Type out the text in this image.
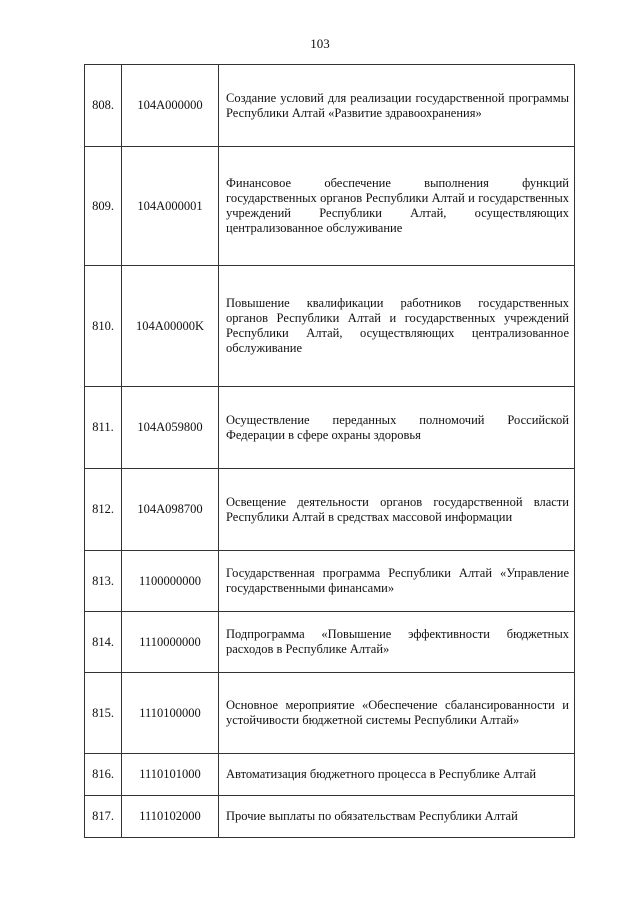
103
808.	104A000000	Создание условий для реализации государственной программы Республики Алтай «Развитие здравоохранения»
809.	104A000001	Финансовое обеспечение выполнения функций государственных органов Республики Алтай и государственных учреждений Республики Алтай, осуществляющих централизованное обслуживание
810.	104A00000K	Повышение квалификации работников государственных органов Республики Алтай и государственных учреждений Республики Алтай, осуществляющих централизованное обслуживание
811.	104A059800	Осуществление переданных полномочий Российской Федерации в сфере охраны здоровья
812.	104A098700	Освещение деятельности органов государственной власти Республики Алтай в средствах массовой информации
813.	1100000000	Государственная программа Республики Алтай «Управление государственными финансами»
814.	1110000000	Подпрограмма «Повышение эффективности бюджетных расходов в Республике Алтай»
815.	1110100000	Основное мероприятие «Обеспечение сбалансированности и устойчивости бюджетной системы Республики Алтай»
816.	1110101000	Автоматизация бюджетного процесса в Республике Алтай
817.	1110102000	Прочие выплаты по обязательствам Республики Алтай
